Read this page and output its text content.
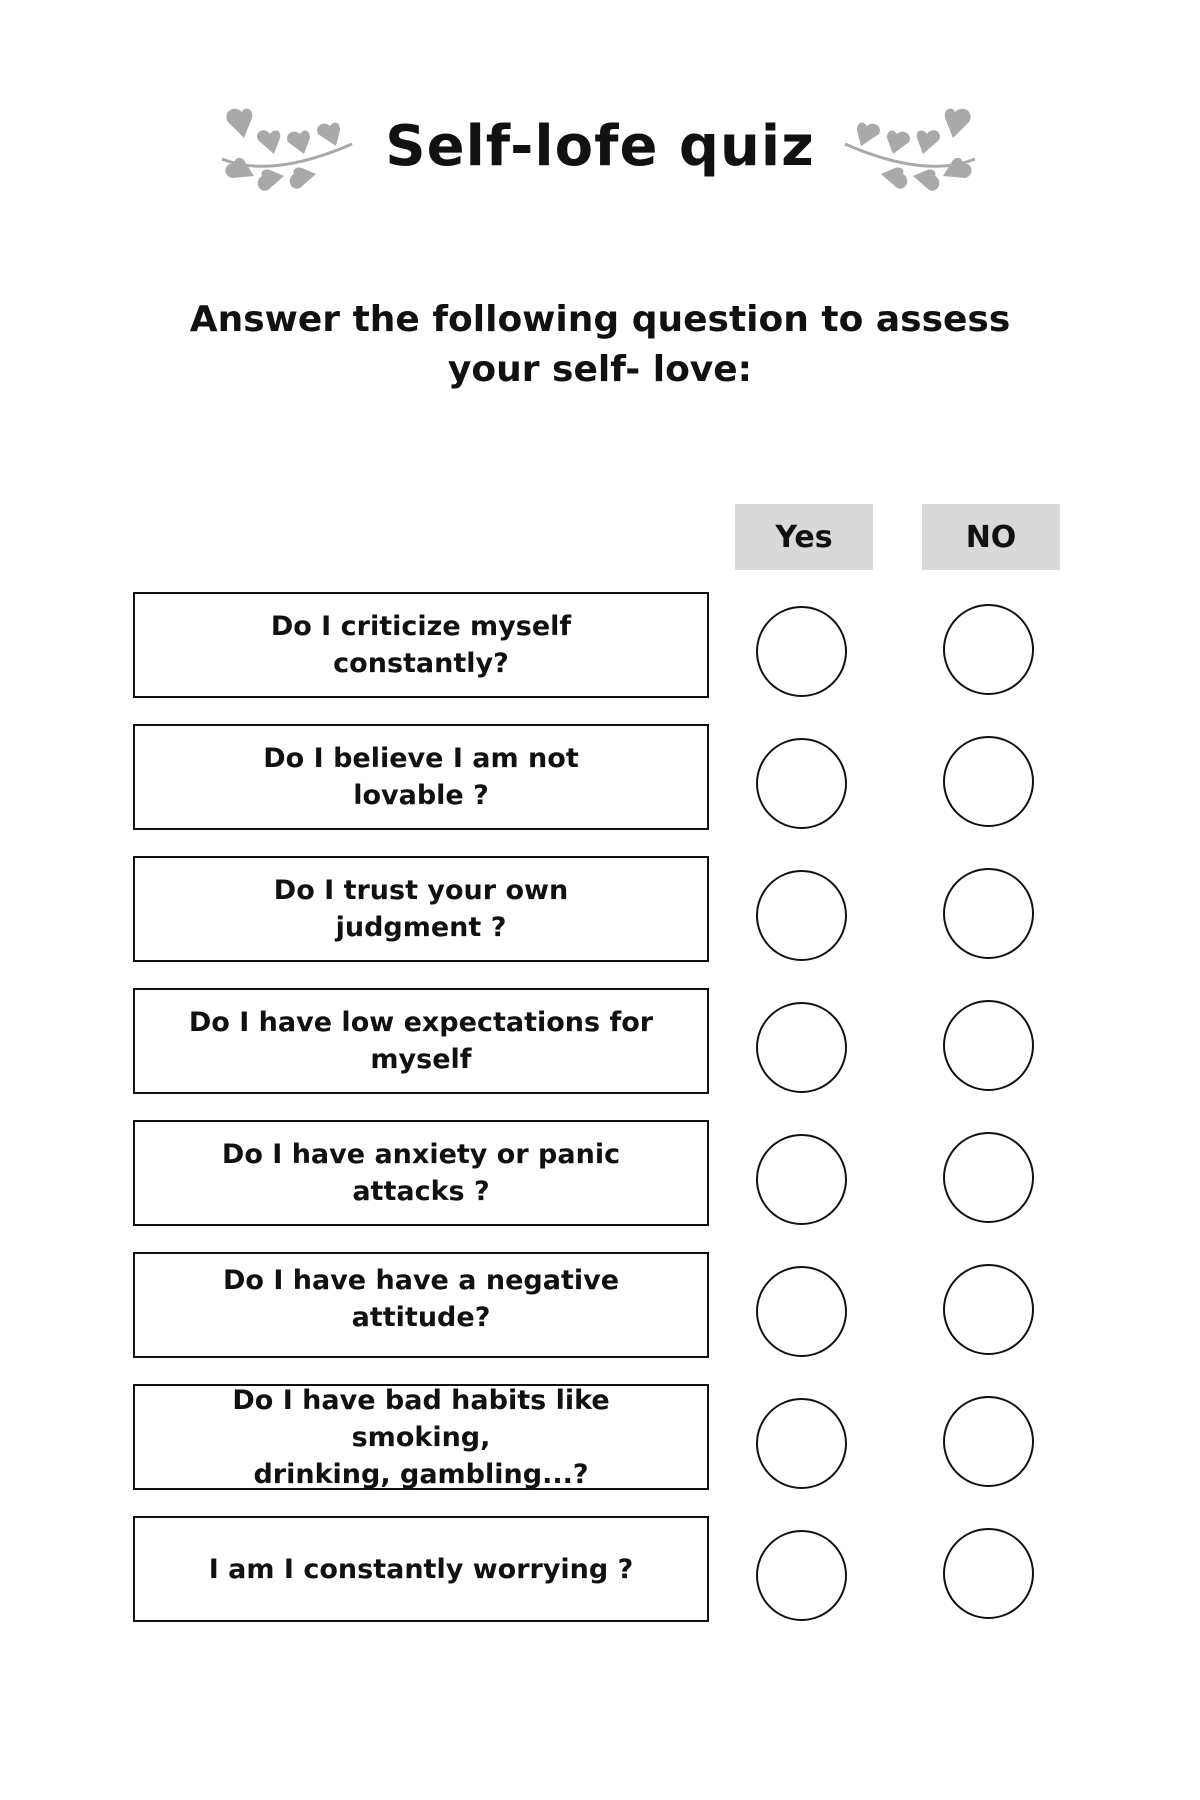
Self-lofe quiz
Answer the following question to assess
your self- love:
Yes	NO
Do I criticize myself
constantly?
Do I believe I am not
lovable ?
Do I trust your own
judgment ?
Do I have low expectations for
myself
Do I have anxiety or panic attacks ?
Do I have have a negative attitude?
Do I have bad habits like smoking,
drinking, gambling...?
I am I constantly worrying ?
